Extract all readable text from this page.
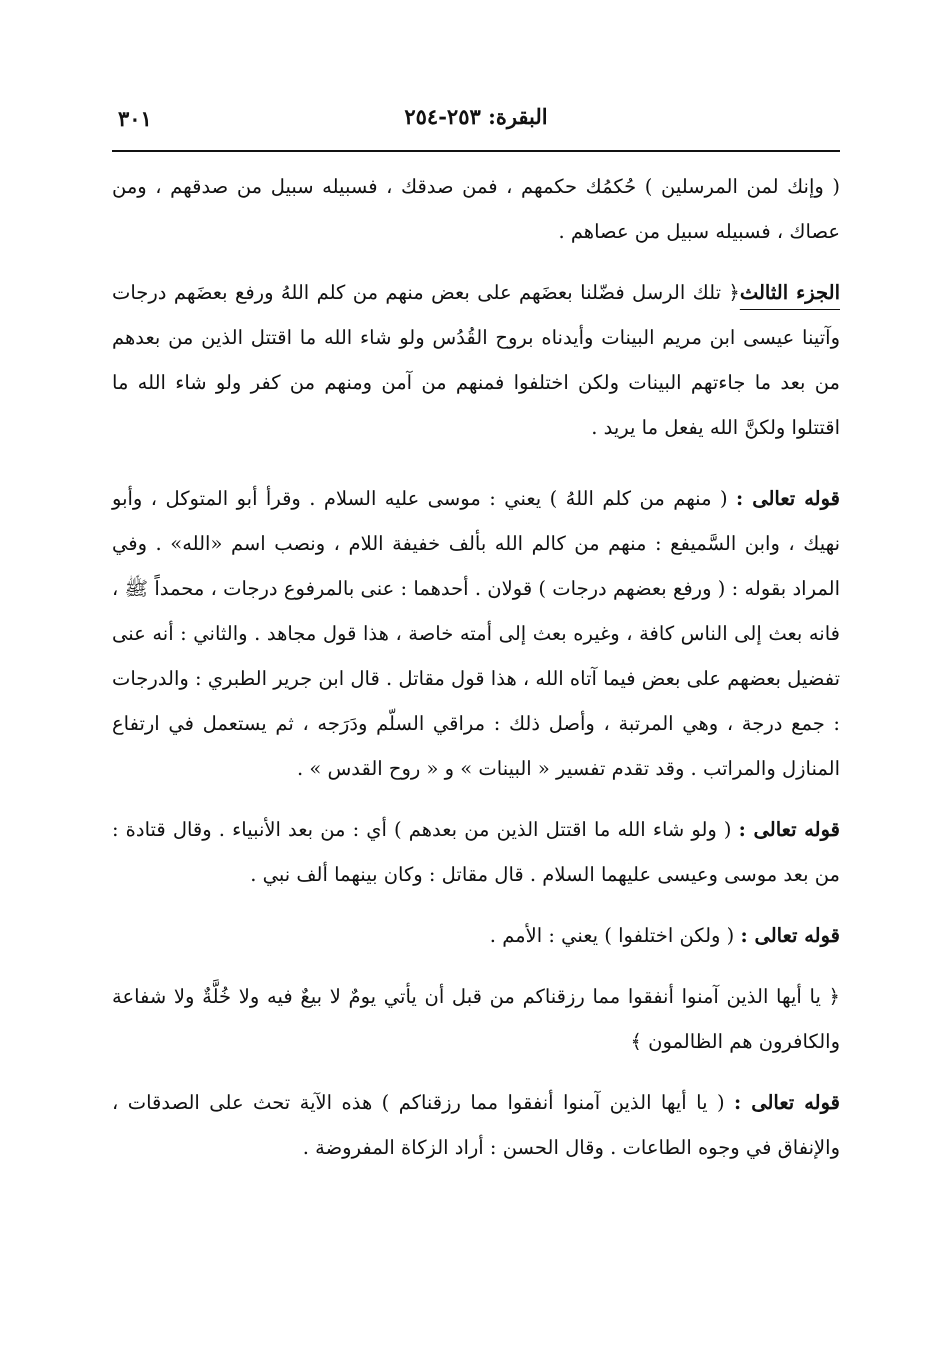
البقرة: ٢٥٣-٢٥٤
٣٠١

( وإنك لمن المرسلين ) حُكمُك حكمهم ، فمن صدقك ، فسبيله سبيل من صدقهم ، ومن عصاك ، فسبيله سبيل من عصاهم .

الجزء الثالث﴿ تلك الرسل فضّلنا بعضَهم على بعض منهم من كلم اللهُ ورفع بعضَهم درجات وآتينا عيسى ابن مريم البينات وأيدناه بروح القُدُس ولو شاء الله ما اقتتل الذين من بعدهم من بعد ما جاءتهم البينات ولكن اختلفوا فمنهم من آمن ومنهم من كفر ولو شاء الله ما اقتتلوا ولكنَّ الله يفعل ما يريد .

قوله تعالى : ( منهم من كلم اللهُ ) يعني : موسى عليه السلام . وقرأ أبو المتوكل ، وأبو نهيك ، وابن السَّميفع : منهم من كالم الله بألف خفيفة اللام ، ونصب اسم «الله» . وفي المراد بقوله : ( ورفع بعضهم درجات ) قولان . أحدهما : عنى بالمرفوع درجات ، محمداً ﷺ ، فانه بعث إلى الناس كافة ، وغيره بعث إلى أمته خاصة ، هذا قول مجاهد . والثاني : أنه عنى تفضيل بعضهم على بعض فيما آتاه الله ، هذا قول مقاتل . قال ابن جرير الطبري : والدرجات : جمع درجة ، وهي المرتبة ، وأصل ذلك : مراقي السلّم ودَرَجه ، ثم يستعمل في ارتفاع المنازل والمراتب . وقد تقدم تفسير « البينات » و « روح القدس » .

قوله تعالى : ( ولو شاء الله ما اقتتل الذين من بعدهم ) أي : من بعد الأنبياء . وقال قتادة : من بعد موسى وعيسى عليهما السلام . قال مقاتل : وكان بينهما ألف نبي .

قوله تعالى : ( ولكن اختلفوا ) يعني : الأمم .

﴿ يا أيها الذين آمنوا أنفقوا مما رزقناكم من قبل أن يأتي يومٌ لا بيعٌ فيه ولا خُلَّةٌ ولا شفاعة والكافرون هم الظالمون ﴾

قوله تعالى : ( يا أيها الذين آمنوا أنفقوا مما رزقناكم ) هذه الآية تحث على الصدقات ، والإنفاق في وجوه الطاعات . وقال الحسن : أراد الزكاة المفروضة .
